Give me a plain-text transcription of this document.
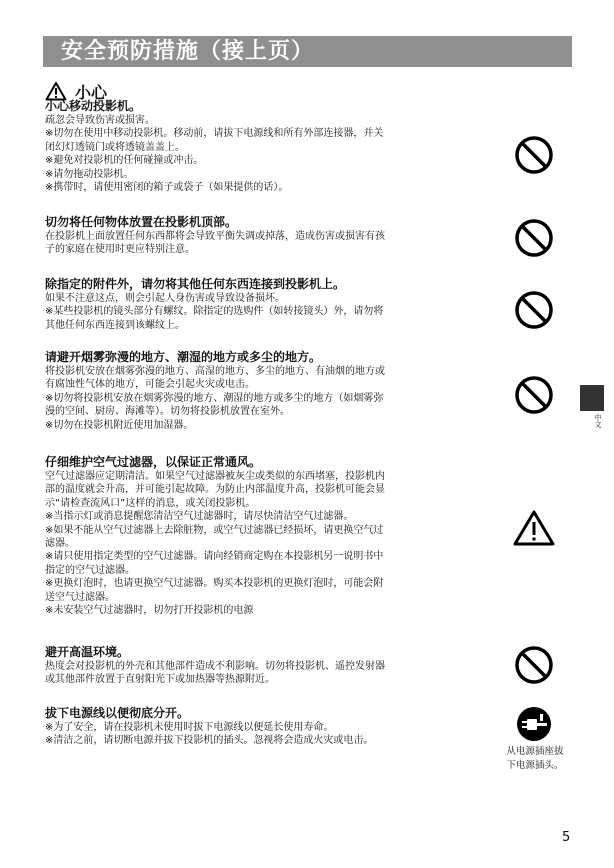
安全预防措施（接上页）
小心
小心移动投影机。

疏忽会导致伤害或损害。

※切勿在使用中移动投影机。移动前，请拔下电源线和所有外部连接器，并关

闭幻灯透镜门或将透镜盖盖上。

※避免对投影机的任何碰撞或冲击。

※请勿拖动投影机。

※携带时，请使用密闭的箱子或袋子（如果提供的话）。

切勿将任何物体放置在投影机顶部。

在投影机上面放置任何东西都将会导致平衡失调或掉落，造成伤害或损害有孩

子的家庭在使用时更应特别注意。

除指定的附件外，请勿将其他任何东西连接到投影机上。

如果不注意这点，则会引起人身伤害或导致设备损坏。

※某些投影机的镜头部分有螺纹。除指定的选购件（如转接镜头）外，请勿将

其他任何东西连接到该螺纹上。

请避开烟雾弥漫的地方、潮湿的地方或多尘的地方。

将投影机安放在烟雾弥漫的地方、高湿的地方、多尘的地方、有油烟的地方或

有腐蚀性气体的地方，可能会引起火灾或电击。

※切勿将投影机安放在烟雾弥漫的地方、潮湿的地方或多尘的地方（如烟雾弥

漫的空间、厨房、海滩等）。切勿将投影机放置在室外。

※切勿在投影机附近使用加湿器。

仔细维护空气过滤器，以保证正常通风。

空气过滤器应定期清洁。如果空气过滤器被灰尘或类似的东西堵塞，投影机内

部的温度就会升高，并可能引起故障。为防止内部温度升高，投影机可能会显

示“请检查流风口”这样的消息，或关闭投影机。

※当指示灯或消息提醒您清洁空气过滤器时，请尽快清洁空气过滤器。

※如果不能从空气过滤器上去除脏物，或空气过滤器已经损坏，请更换空气过

滤器。

※请只使用指定类型的空气过滤器。请向经销商定购在本投影机另一说明书中

指定的空气过滤器。

※更换灯泡时，也请更换空气过滤器。购买本投影机的更换灯泡时，可能会附

送空气过滤器。

※未安装空气过滤器时，切勿打开投影机的电源

避开高温环境。

热度会对投影机的外壳和其他部件造成不利影响。切勿将投影机、遥控发射器

或其他部件放置于直射阳光下或加热器等热源附近。

拔下电源线以便彻底分开。

※为了安全，请在投影机未使用时拔下电源线以便延长使用寿命。

※清洁之前，请切断电源并拔下投影机的插头。忽视将会造成火灾或电击。

从电源插座拔
下电源插头。
中文
5
